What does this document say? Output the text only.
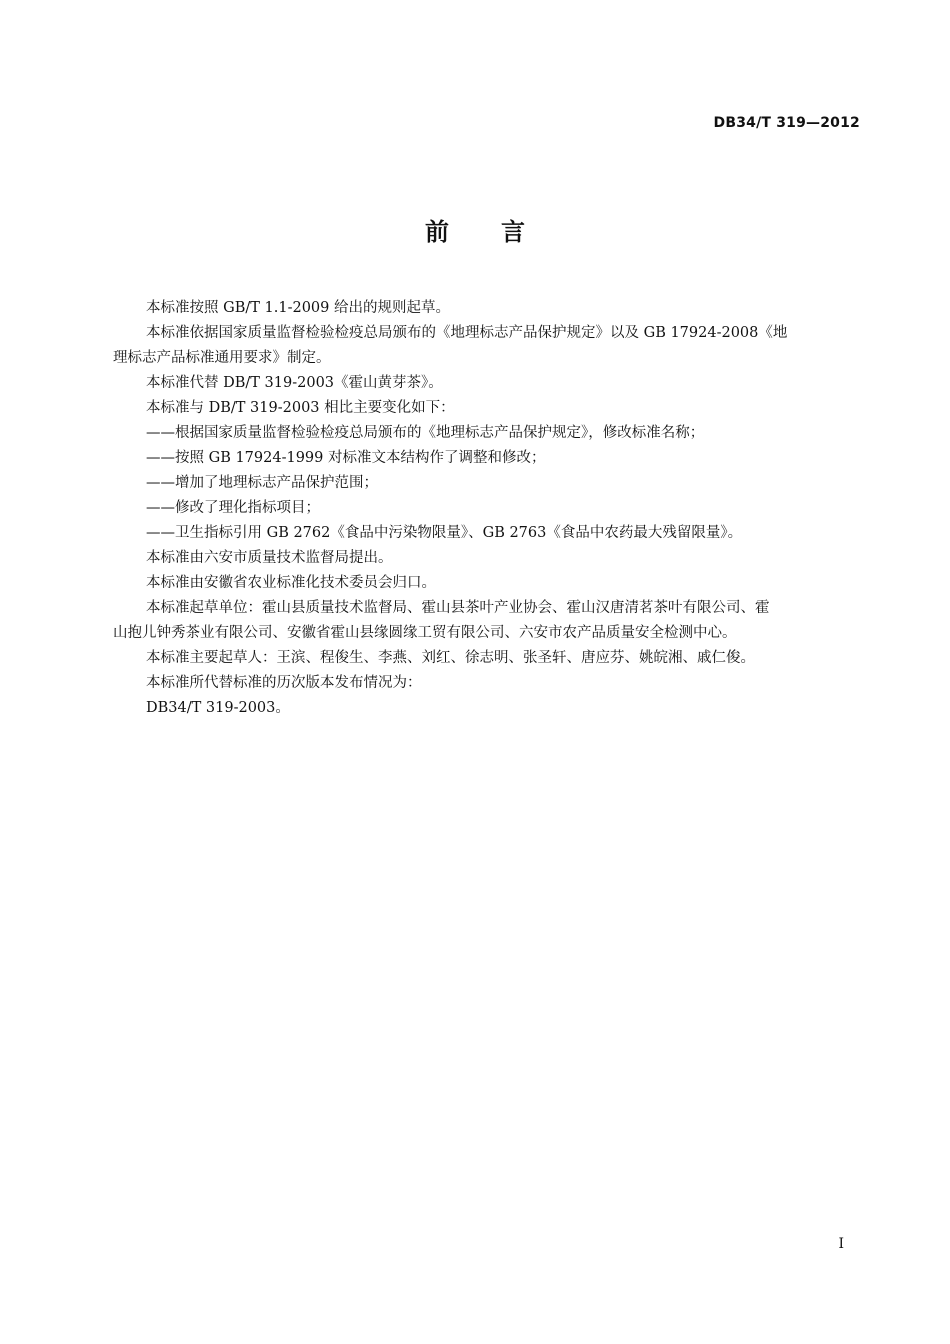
DB34/T 319—2012
前 言

本标准按照 GB/T 1.1-2009 给出的规则起草。

本标准依据国家质量监督检验检疫总局颁布的《地理标志产品保护规定》以及 GB 17924-2008《地

理标志产品标准通用要求》制定。

本标准代替 DB/T 319-2003《霍山黄芽茶》。

本标准与 DB/T 319-2003 相比主要变化如下：

——根据国家质量监督检验检疫总局颁布的《地理标志产品保护规定》，修改标准名称；

——按照 GB 17924-1999 对标准文本结构作了调整和修改；

——增加了地理标志产品保护范围；

——修改了理化指标项目；

——卫生指标引用 GB 2762《食品中污染物限量》、GB 2763《食品中农药最大残留限量》。

本标准由六安市质量技术监督局提出。

本标准由安徽省农业标准化技术委员会归口。

本标准起草单位：霍山县质量技术监督局、霍山县茶叶产业协会、霍山汉唐清茗茶叶有限公司、霍

山抱儿钟秀茶业有限公司、安徽省霍山县缘圆缘工贸有限公司、六安市农产品质量安全检测中心。

本标准主要起草人：王滨、程俊生、李燕、刘红、徐志明、张圣轩、唐应芬、姚皖湘、戚仁俊。

本标准所代替标准的历次版本发布情况为：

DB34/T 319-2003。

I
